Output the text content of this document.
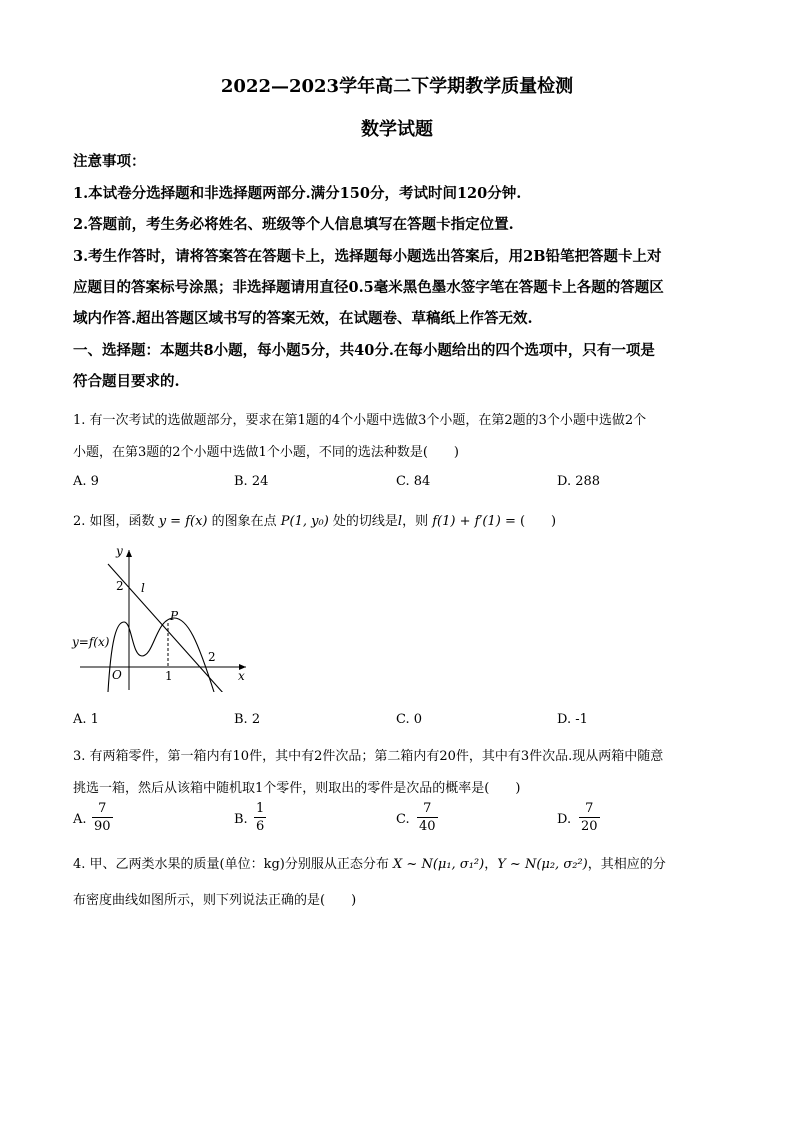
2022—2023学年高二下学期教学质量检测
数学试题
注意事项：
1.本试卷分选择题和非选择题两部分.满分150分，考试时间120分钟.
2.答题前，考生务必将姓名、班级等个人信息填写在答题卡指定位置.
3.考生作答时，请将答案答在答题卡上，选择题每小题选出答案后，用2B铅笔把答题卡上对
应题目的答案标号涂黑；非选择题请用直径0.5毫米黑色墨水签字笔在答题卡上各题的答题区
域内作答.超出答题区域书写的答案无效，在试题卷、草稿纸上作答无效.
一、选择题：本题共8小题，每小题5分，共40分.在每小题给出的四个选项中，只有一项是
符合题目要求的.
1. 有一次考试的选做题部分，要求在第1题的4个小题中选做3个小题，在第2题的3个小题中选做2个
小题，在第3题的2个小题中选做1个小题，不同的选法种数是(　　)
A. 9	B. 24	C. 84	D. 288
2. 如图，函数 y = f(x) 的图象在点 P(1, y₀) 处的切线是l，则 f(1) + f′(1) = (　　)
y
x
O
2
1
2
l
P
y=f(x)
A. 1	B. 2	C. 0	D. -1
3. 有两箱零件，第一箱内有10件，其中有2件次品；第二箱内有20件，其中有3件次品.现从两箱中随意
挑选一箱，然后从该箱中随机取1个零件，则取出的零件是次品的概率是(　　)
A. $\frac{7}{90}$	B. $\frac{1}{6}$	C. $\frac{7}{40}$	D. $\frac{7}{20}$
4. 甲、乙两类水果的质量(单位：kg)分别服从正态分布 X ~ N(μ₁, σ₁²)，Y ~ N(μ₂, σ₂²)，其相应的分
布密度曲线如图所示，则下列说法正确的是(　　)
